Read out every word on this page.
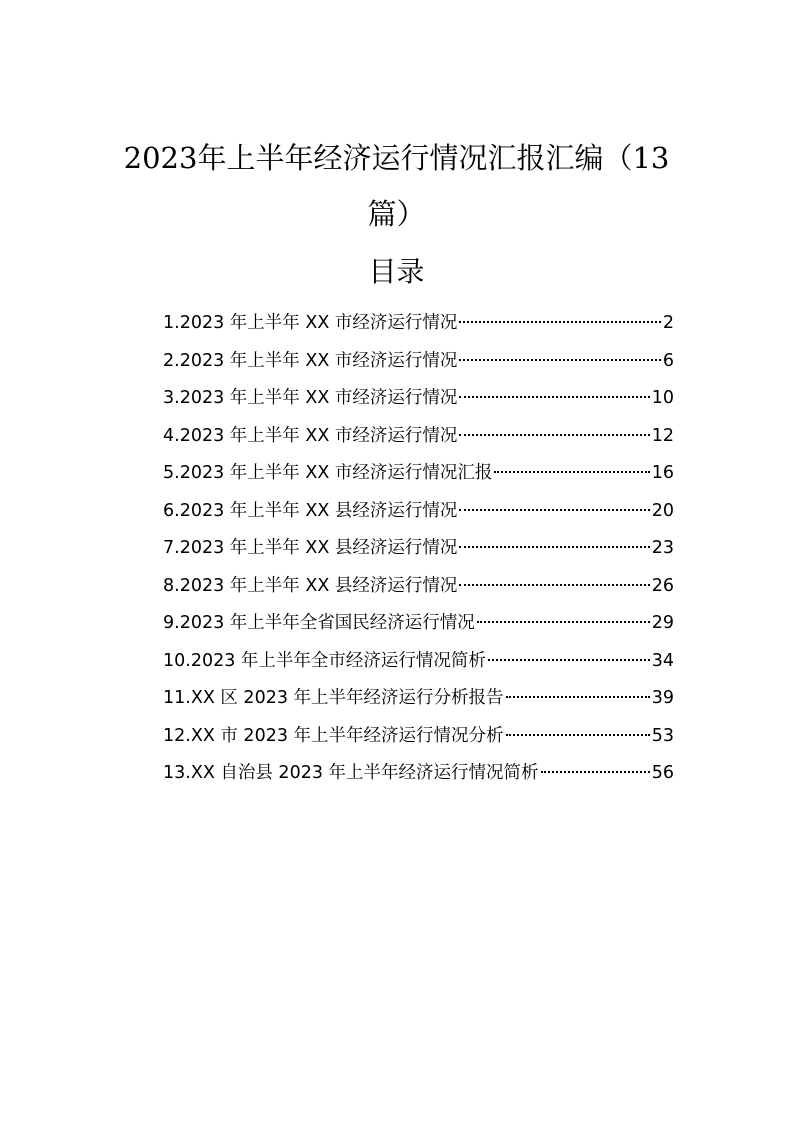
2023年上半年经济运行情况汇报汇编（13
篇）
目录
1.2023 年上半年 XX 市经济运行情况	2
2.2023 年上半年 XX 市经济运行情况	6
3.2023 年上半年 XX 市经济运行情况	10
4.2023 年上半年 XX 市经济运行情况	12
5.2023 年上半年 XX 市经济运行情况汇报	16
6.2023 年上半年 XX 县经济运行情况	20
7.2023 年上半年 XX 县经济运行情况	23
8.2023 年上半年 XX 县经济运行情况	26
9.2023 年上半年全省国民经济运行情况	29
10.2023 年上半年全市经济运行情况简析	34
11.XX 区 2023 年上半年经济运行分析报告	39
12.XX 市 2023 年上半年经济运行情况分析	53
13.XX 自治县 2023 年上半年经济运行情况简析	56
